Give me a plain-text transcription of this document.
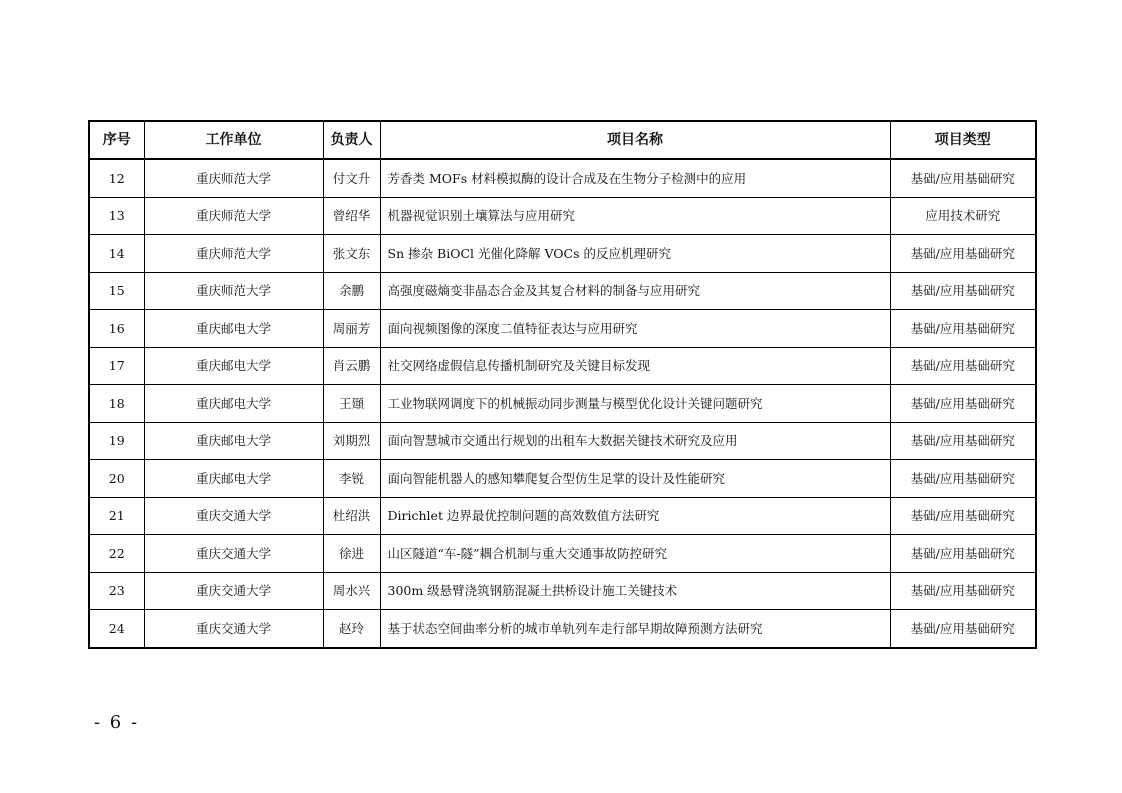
序号	工作单位	负责人	项目名称	项目类型
12	重庆师范大学	付文升	芳香类 MOFs 材料模拟酶的设计合成及在生物分子检测中的应用	基础/应用基础研究
13	重庆师范大学	曾绍华	机器视觉识别土壤算法与应用研究	应用技术研究
14	重庆师范大学	张文东	Sn 掺杂 BiOCl 光催化降解 VOCs 的反应机理研究	基础/应用基础研究
15	重庆师范大学	余鹏	高强度磁熵变非晶态合金及其复合材料的制备与应用研究	基础/应用基础研究
16	重庆邮电大学	周丽芳	面向视频图像的深度二值特征表达与应用研究	基础/应用基础研究
17	重庆邮电大学	肖云鹏	社交网络虚假信息传播机制研究及关键目标发现	基础/应用基础研究
18	重庆邮电大学	王頲	工业物联网调度下的机械振动同步测量与模型优化设计关键问题研究	基础/应用基础研究
19	重庆邮电大学	刘期烈	面向智慧城市交通出行规划的出租车大数据关键技术研究及应用	基础/应用基础研究
20	重庆邮电大学	李锐	面向智能机器人的感知攀爬复合型仿生足掌的设计及性能研究	基础/应用基础研究
21	重庆交通大学	杜绍洪	Dirichlet 边界最优控制问题的高效数值方法研究	基础/应用基础研究
22	重庆交通大学	徐进	山区隧道“车-隧”耦合机制与重大交通事故防控研究	基础/应用基础研究
23	重庆交通大学	周水兴	300m 级悬臂浇筑钢筋混凝土拱桥设计施工关键技术	基础/应用基础研究
24	重庆交通大学	赵玲	基于状态空间曲率分析的城市单轨列车走行部早期故障预测方法研究	基础/应用基础研究
- 6 -
